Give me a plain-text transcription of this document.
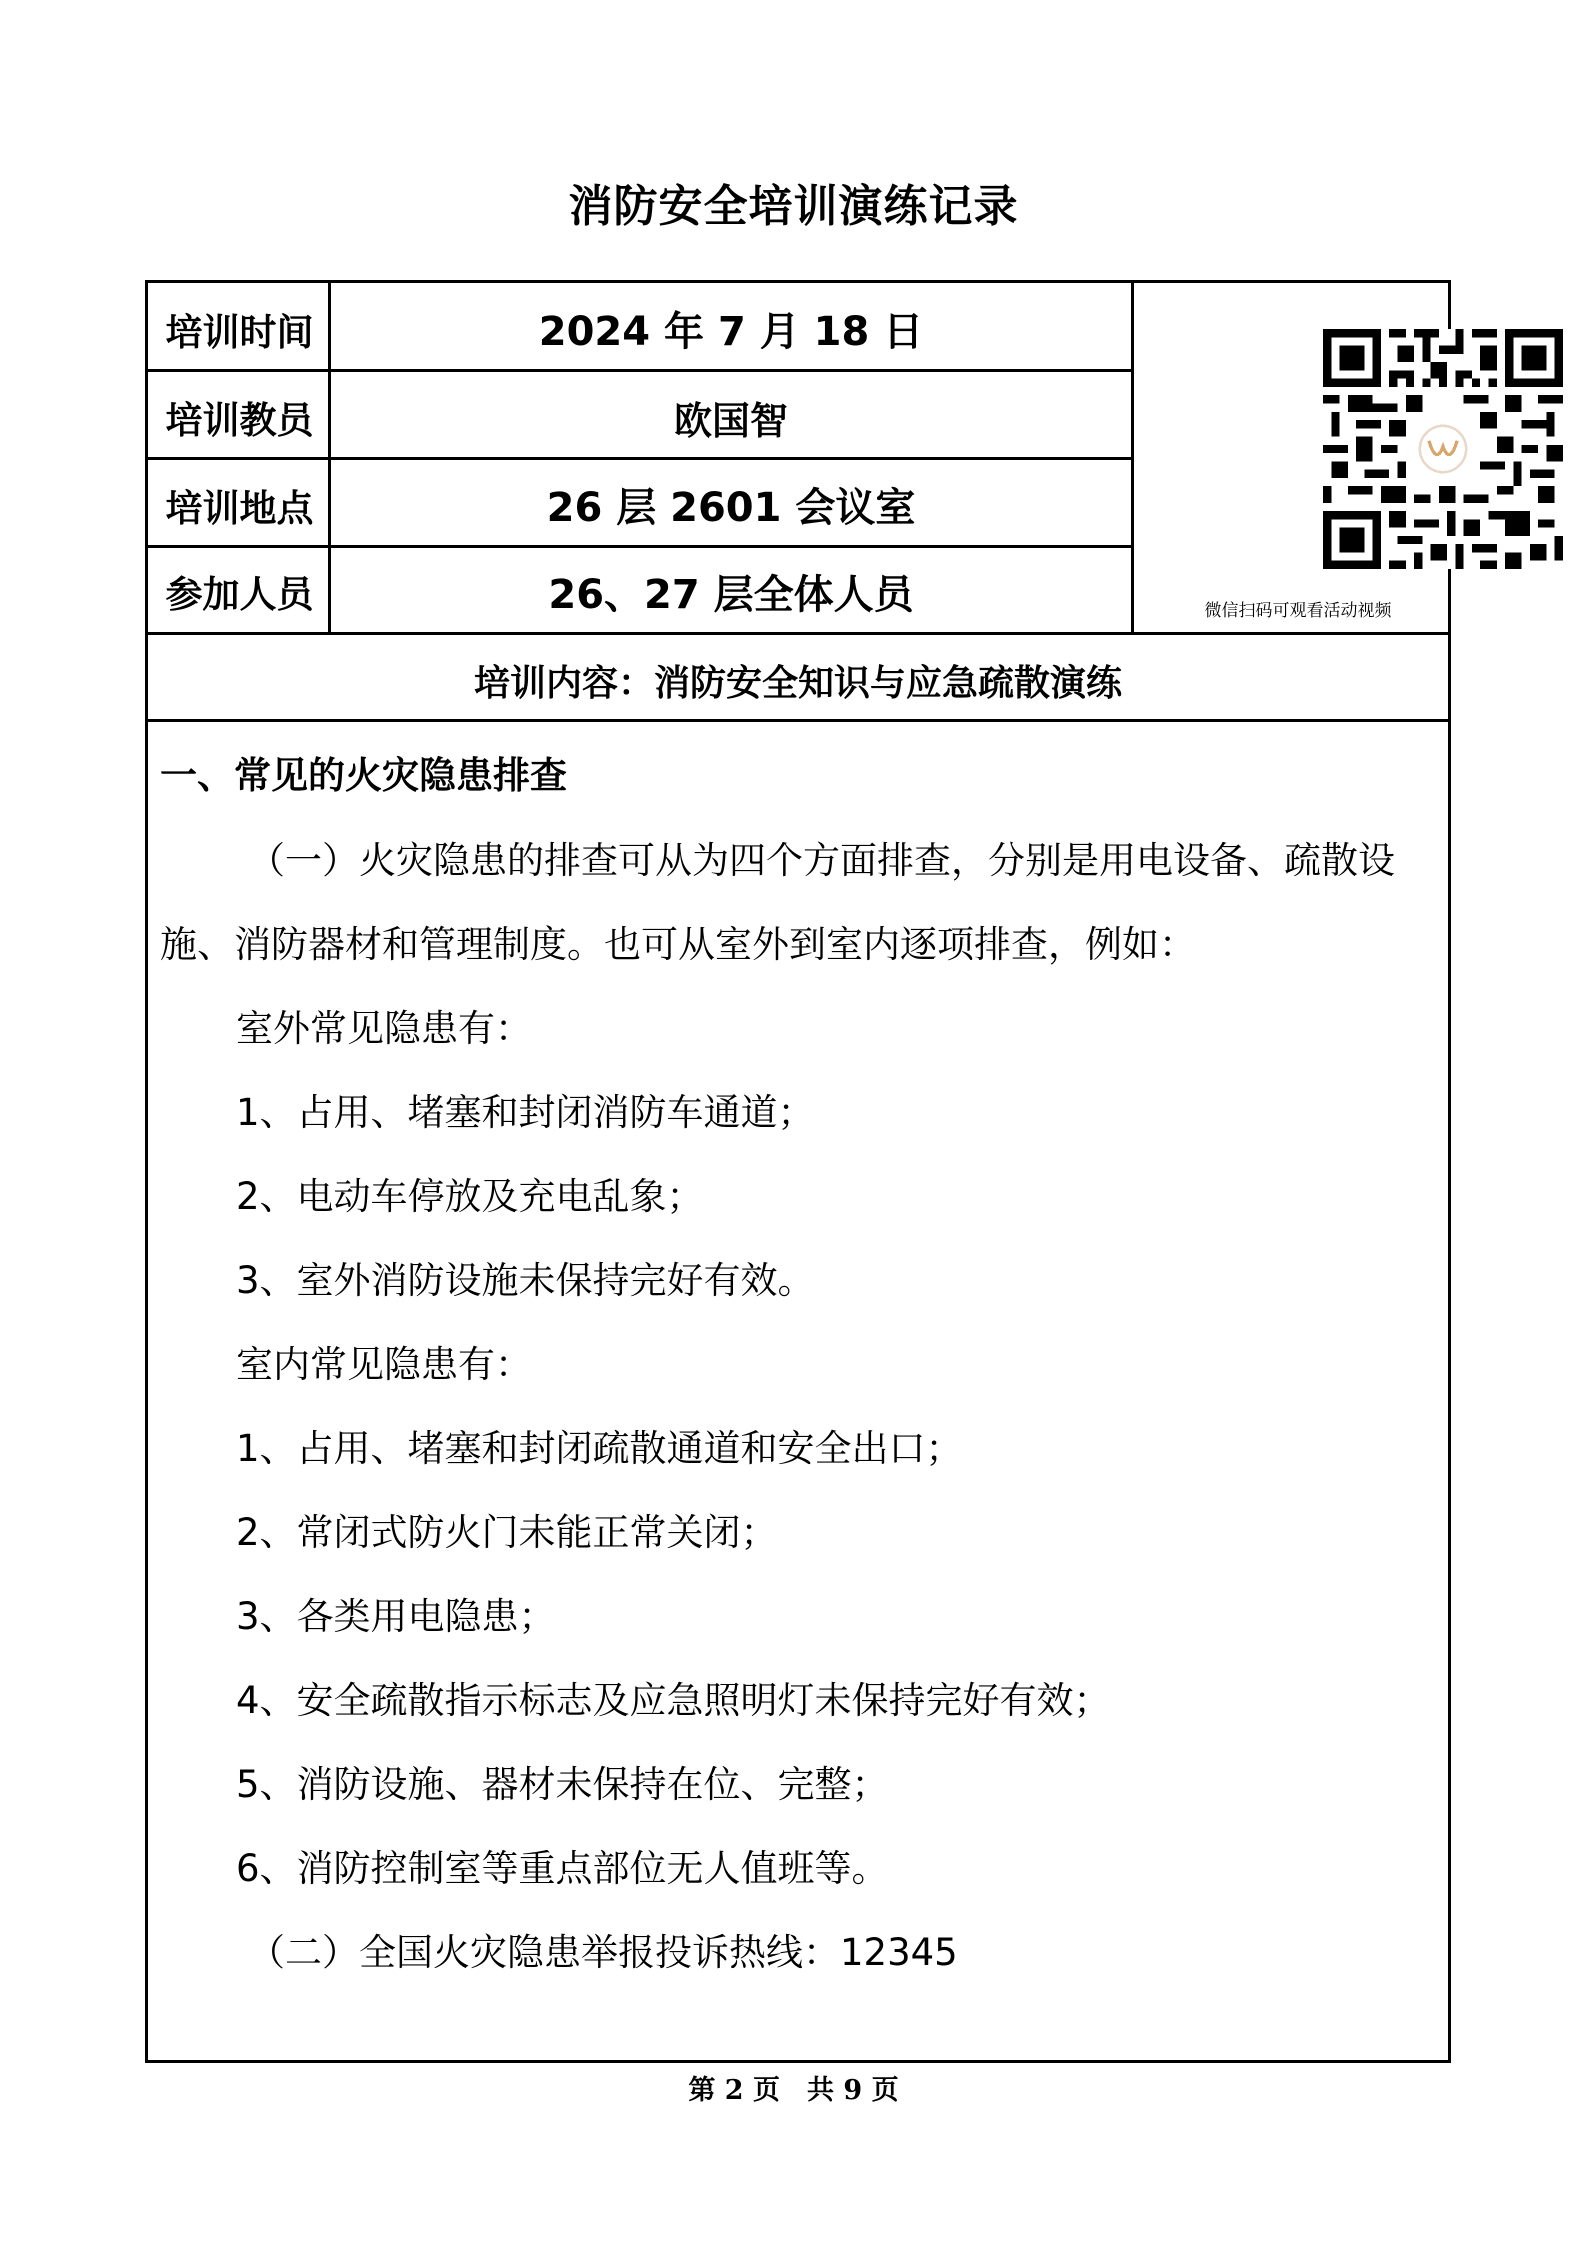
消防安全培训演练记录
培训时间	2024 年 7 月 18 日
培训教员	欧国智
培训地点	26 层 2601 会议室
参加人员	26、27 层全体人员	微信扫码可观看活动视频
培训内容：消防安全知识与应急疏散演练
一、常见的火灾隐患排查
（一）火灾隐患的排查可从为四个方面排查，分别是用电设备、疏散设施、消防器材和管理制度。也可从室外到室内逐项排查，例如：
室外常见隐患有：
1、占用、堵塞和封闭消防车通道；
2、电动车停放及充电乱象；
3、室外消防设施未保持完好有效。
室内常见隐患有：
1、占用、堵塞和封闭疏散通道和安全出口；
2、常闭式防火门未能正常关闭；
3、各类用电隐患；
4、安全疏散指示标志及应急照明灯未保持完好有效；
5、消防设施、器材未保持在位、完整；
6、消防控制室等重点部位无人值班等。
（二）全国火灾隐患举报投诉热线：12345
第 2 页　共 9 页
